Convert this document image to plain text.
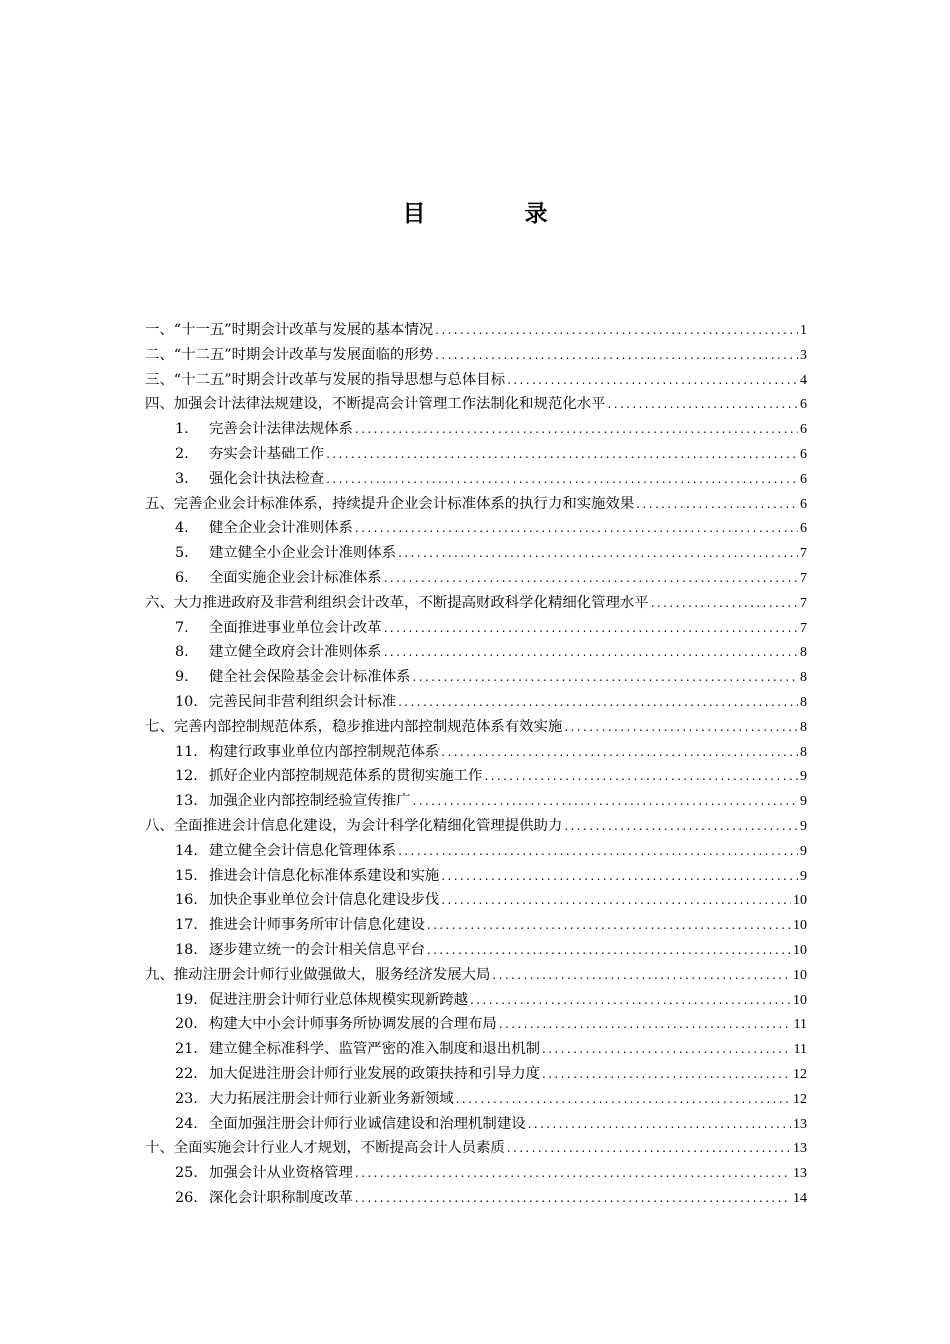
目　录
一、“十一五”时期会计改革与发展的基本情况 .....	1
二、“十二五”时期会计改革与发展面临的形势 .....	3
三、“十二五”时期会计改革与发展的指导思想与总体目标 .....	4
四、加强会计法律法规建设，不断提高会计管理工作法制化和规范化水平 .....	6
1.	完善会计法律法规体系 .....	6
2.	夯实会计基础工作 .....	6
3.	强化会计执法检查 .....	6
五、完善企业会计标准体系，持续提升企业会计标准体系的执行力和实施效果 .....	6
4.	健全企业会计准则体系 .....	6
5.	建立健全小企业会计准则体系 .....	7
6.	全面实施企业会计标准体系 .....	7
六、大力推进政府及非营利组织会计改革，不断提高财政科学化精细化管理水平 .....	7
7.	全面推进事业单位会计改革 .....	7
8.	建立健全政府会计准则体系 .....	8
9.	健全社会保险基金会计标准体系 .....	8
10. 完善民间非营利组织会计标准 .....	8
七、完善内部控制规范体系，稳步推进内部控制规范体系有效实施 .....	8
11. 构建行政事业单位内部控制规范体系 .....	8
12. 抓好企业内部控制规范体系的贯彻实施工作 .....	9
13. 加强企业内部控制经验宣传推广 .....	9
八、全面推进会计信息化建设，为会计科学化精细化管理提供助力 .....	9
14. 建立健全会计信息化管理体系 .....	9
15. 推进会计信息化标准体系建设和实施 .....	9
16. 加快企事业单位会计信息化建设步伐 .....	10
17. 推进会计师事务所审计信息化建设 .....	10
18. 逐步建立统一的会计相关信息平台 .....	10
九、推动注册会计师行业做强做大，服务经济发展大局 .....	10
19. 促进注册会计师行业总体规模实现新跨越 .....	10
20. 构建大中小会计师事务所协调发展的合理布局 .....	11
21. 建立健全标准科学、监管严密的准入制度和退出机制 .....	11
22. 加大促进注册会计师行业发展的政策扶持和引导力度 .....	12
23. 大力拓展注册会计师行业新业务新领域 .....	12
24. 全面加强注册会计师行业诚信建设和治理机制建设 .....	13
十、全面实施会计行业人才规划，不断提高会计人员素质 .....	13
25. 加强会计从业资格管理 .....	13
26. 深化会计职称制度改革 .....	14
